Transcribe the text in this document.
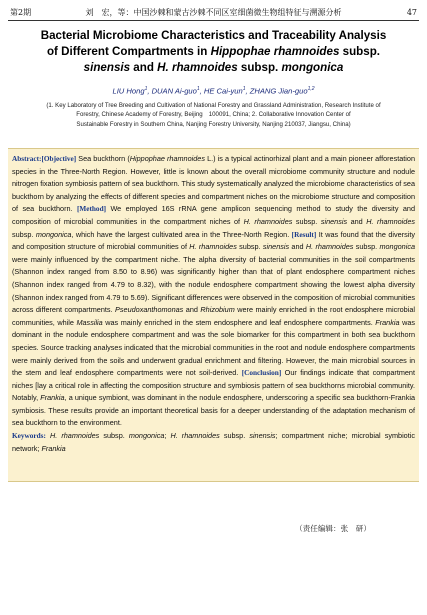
第2期	刘　宏，等：中国沙棘和蒙古沙棘不同区室细菌微生物组特征与溯源分析	47
Bacterial Microbiome Characteristics and Traceability Analysis
of Different Compartments in Hippophae rhamnoides subsp.
sinensis and H. rhamnoides subsp. mongonica
LIU Hong$^1$, DUAN Ai-guo$^1$, HE Cai-yun$^1$, ZHANG Jian-guo$^{1,2}$
(1. Key Laboratory of Tree Breeding and Cultivation of National Forestry and Grassland Administration, Research Institute of
Forestry, Chinese Academy of Forestry, Beijing　100091, China; 2. Collaborative Innovation Center of
Sustainable Forestry in Southern China, Nanjing Forestry University, Nanjing 210037, Jiangsu, China)
Abstract:[Objective] Sea buckthorn (Hippophae rhamnoides L.) is a typical actinorhizal plant and a main pioneer afforestation species in the Three-North Region. However, little is known about the overall microbiome community structure and nodule nitrogen fixation symbiosis pattern of sea buckthorn. This study systematically analyzed the microbiome characteristics of sea buckthorn by analyzing the effects of different species and compartment niches on the microbiome structure and composition of sea buckthorn. [Method] We employed 16S rRNA gene amplicon sequencing method to study the diversity and composition of microbial communities in the compartment niches of H. rhamnoides subsp. sinensis and H. rhamnoides subsp. mongonica, which have the largest cultivated area in the Three-North Region. [Result] It was found that the diversity and composition structure of microbial communities of H. rhamnoides subsp. sinensis and H. rhamnoides subsp. mongonica were mainly influenced by the compartment niche. The alpha diversity of bacterial communities in the soil compartments (Shannon index ranged from 8.50 to 8.96) was significantly higher than that of plant endosphere compartment niches (Shannon index ranged from 4.79 to 8.32), with the nodule endosphere compartment showing the lowest alpha diversity (Shannon index ranged from 4.79 to 5.69). Significant differences were observed in the composition of microbial communities across different compartments. Pseudoxanthomonas and Rhizobium were mainly enriched in the root endosphere microbial communities, while Massilia was mainly enriched in the stem endosphere and leaf endosphere compartments. Frankia was dominant in the nodule endosphere compartment and was the sole biomarker for this compartment in both sea buckthorn species. Source tracking analyses indicated that the microbial communities in the root and nodule endosphere compartments were mainly derived from the soils and underwent gradual enrichment and filtering. However, the main microbial sources in the stem and leaf endosphere compartments were not soil-derived. [Conclusion] Our findings indicate that compartment niches [lay a critical role in affecting the composition structure and symbiosis pattern of sea buckthorns microbial community. Notably, Frankia, a unique symbiont, was dominant in the nodule endosphere, underscoring a specific sea buckthorn-Frankia symbiosis. These results provide an important theoretical basis for a deeper understanding of the adaptation mechanism of sea buckthorn to the environment.
Keywords: H. rhamnoides subsp. mongonica; H. rhamnoides subsp. sinensis; compartment niche; microbial symbiotic network; Frankia
（责任编辑：张　研）
